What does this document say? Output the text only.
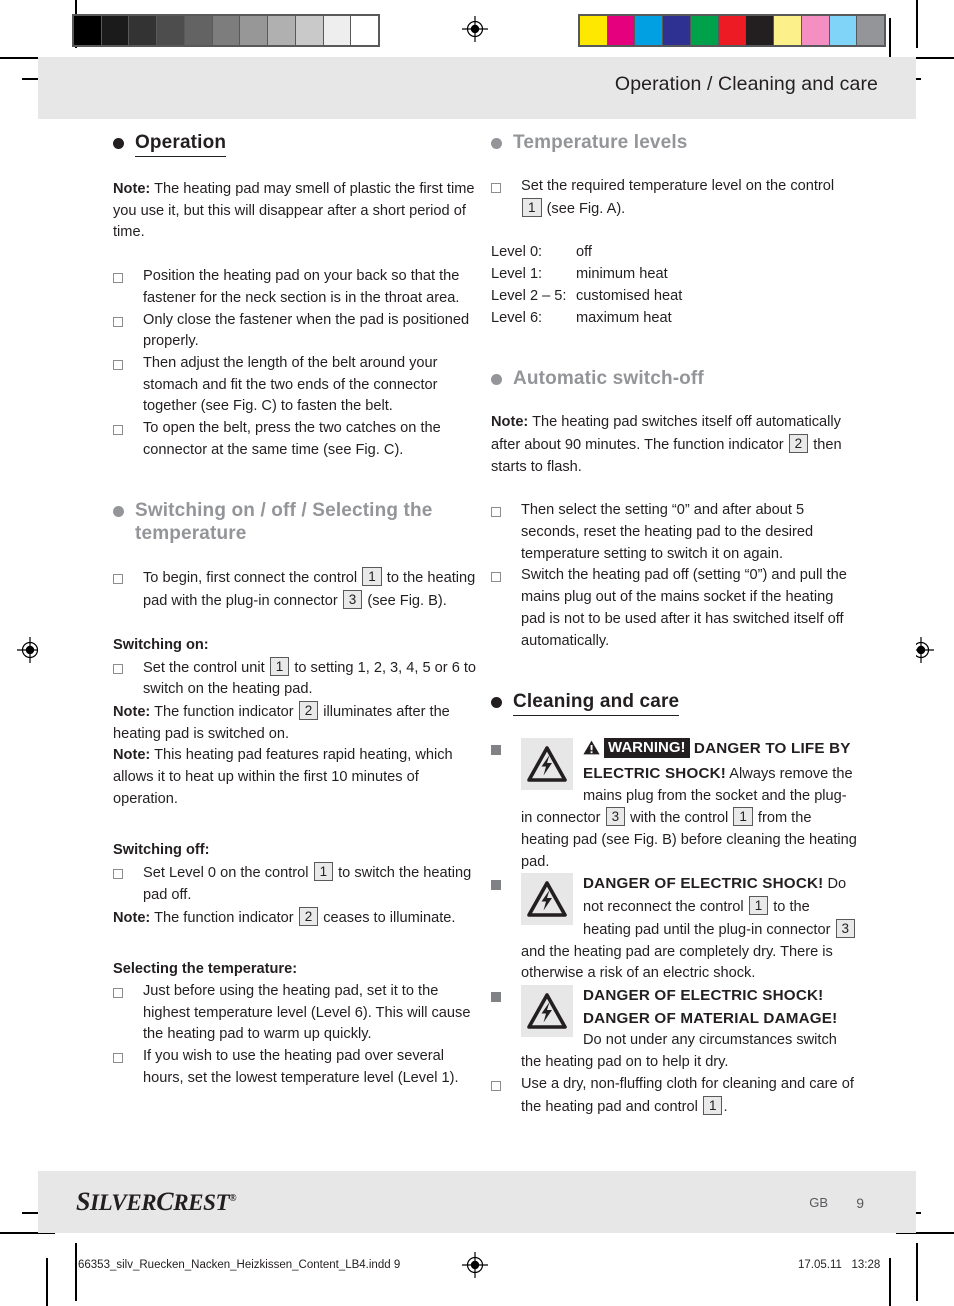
Operation / Cleaning and care
Operation

Note: The heating pad may smell of plastic the first time you use it, but this will disappear after a short period of time.

Position the heating pad on your back so that the fastener for the neck section is in the throat area.
Only close the fastener when the pad is positioned properly.
Then adjust the length of the belt around your stomach and fit the two ends of the connector together (see Fig. C) to fasten the belt.
To open the belt, press the two catches on the connector at the same time (see Fig. C).
Switching on / off / Selecting the temperature
To begin, first connect the control 1 to the heating pad with the plug-in connector 3 (see Fig. B).

Switching on:

Set the control unit 1 to setting 1, 2, 3, 4, 5 or 6 to switch on the heating pad.

Note: The function indicator 2 illuminates after the heating pad is switched on.

Note: This heating pad features rapid heating, which allows it to heat up within the first 10 minutes of operation.

Switching off:

Set Level 0 on the control 1 to switch the heating pad off.

Note: The function indicator 2 ceases to illuminate.

Selecting the temperature:

Just before using the heating pad, set it to the highest temperature level (Level 6). This will cause the heating pad to warm up quickly.
If you wish to use the heating pad over several hours, set the lowest temperature level (Level 1).
Temperature levels
Set the required temperature level on the control 1 (see Fig. A).
Level 0:	off
Level 1:	minimum heat
Level 2 – 5:	customised heat
Level 6:	maximum heat
Automatic switch-off

Note: The heating pad switches itself off automatically after about 90 minutes. The function indicator 2 then starts to flash.

Then select the setting “0” and after about 5 seconds, reset the heating pad to the desired temperature setting to switch it on again.
Switch the heating pad off (setting “0”) and pull the mains plug out of the mains socket if the heating pad is not to be used after it has switched itself off automatically.
Cleaning and care
WARNING! DANGER TO LIFE BY ELECTRIC SHOCK! Always remove the mains plug from the socket and the plug-in connector 3 with the control 1 from the heating pad (see Fig. B) before cleaning the heating pad.
DANGER OF ELECTRIC SHOCK! Do not reconnect the control 1 to the heating pad until the plug-in connector 3 and the heating pad are completely dry. There is otherwise a risk of an electric shock.
DANGER OF ELECTRIC SHOCK! DANGER OF MATERIAL DAMAGE! Do not under any circumstances switch the heating pad on to help it dry.
Use a dry, non-fluffing cloth for cleaning and care of the heating pad and control 1 .
SILVERCREST®	GB 9
66353_silv_Ruecken_Nacken_Heizkissen_Content_LB4.indd 9	17.05.11 13:28
